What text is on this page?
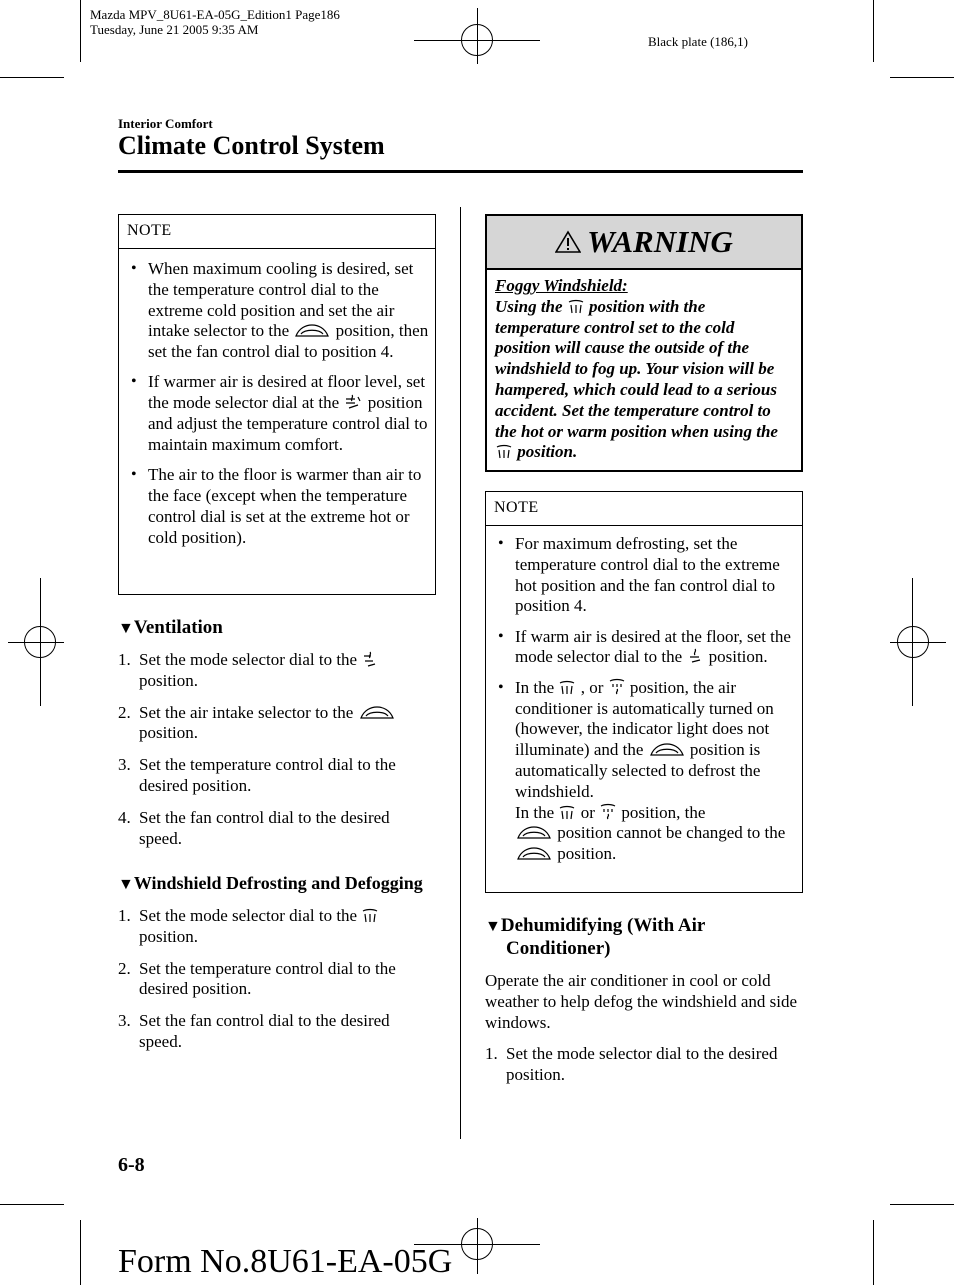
Mazda MPV_8U61-EA-05G_Edition1 Page186
Tuesday, June 21 2005 9:35 AM
Black plate (186,1)
Interior Comfort
Climate Control System
NOTE
• When maximum cooling is desired, set the temperature control dial to the extreme cold position and set the air intake selector to the  position, then set the fan control dial to position 4.
• If warmer air is desired at floor level, set the mode selector dial at the  position and adjust the temperature control dial to maintain maximum comfort.
• The air to the floor is warmer than air to the face (except when the temperature control dial is set at the extreme hot or cold position).
▼Ventilation
1. Set the mode selector dial to the  position.
2. Set the air intake selector to the  position.
3. Set the temperature control dial to the desired position.
4. Set the fan control dial to the desired speed.
▼Windshield Defrosting and Defogging
1. Set the mode selector dial to the  position.
2. Set the temperature control dial to the desired position.
3. Set the fan control dial to the desired speed.
WARNING
Foggy Windshield:
Using the  position with the temperature control set to the cold position will cause the outside of the windshield to fog up. Your vision will be hampered, which could lead to a serious accident. Set the temperature control to the hot or warm position when using the  position.
NOTE
• For maximum defrosting, set the temperature control dial to the extreme hot position and the fan control dial to position 4.
• If warm air is desired at the floor, set the mode selector dial to the  position.
• In the  , or  position, the air conditioner is automatically turned on (however, the indicator light does not illuminate) and the  position is automatically selected to defrost the windshield.
In the  or  position, the
position cannot be changed to the  position.
▼Dehumidifying (With Air
Conditioner)
Operate the air conditioner in cool or cold weather to help defog the windshield and side windows.
1. Set the mode selector dial to the desired position.
6-8
Form No.8U61-EA-05G
